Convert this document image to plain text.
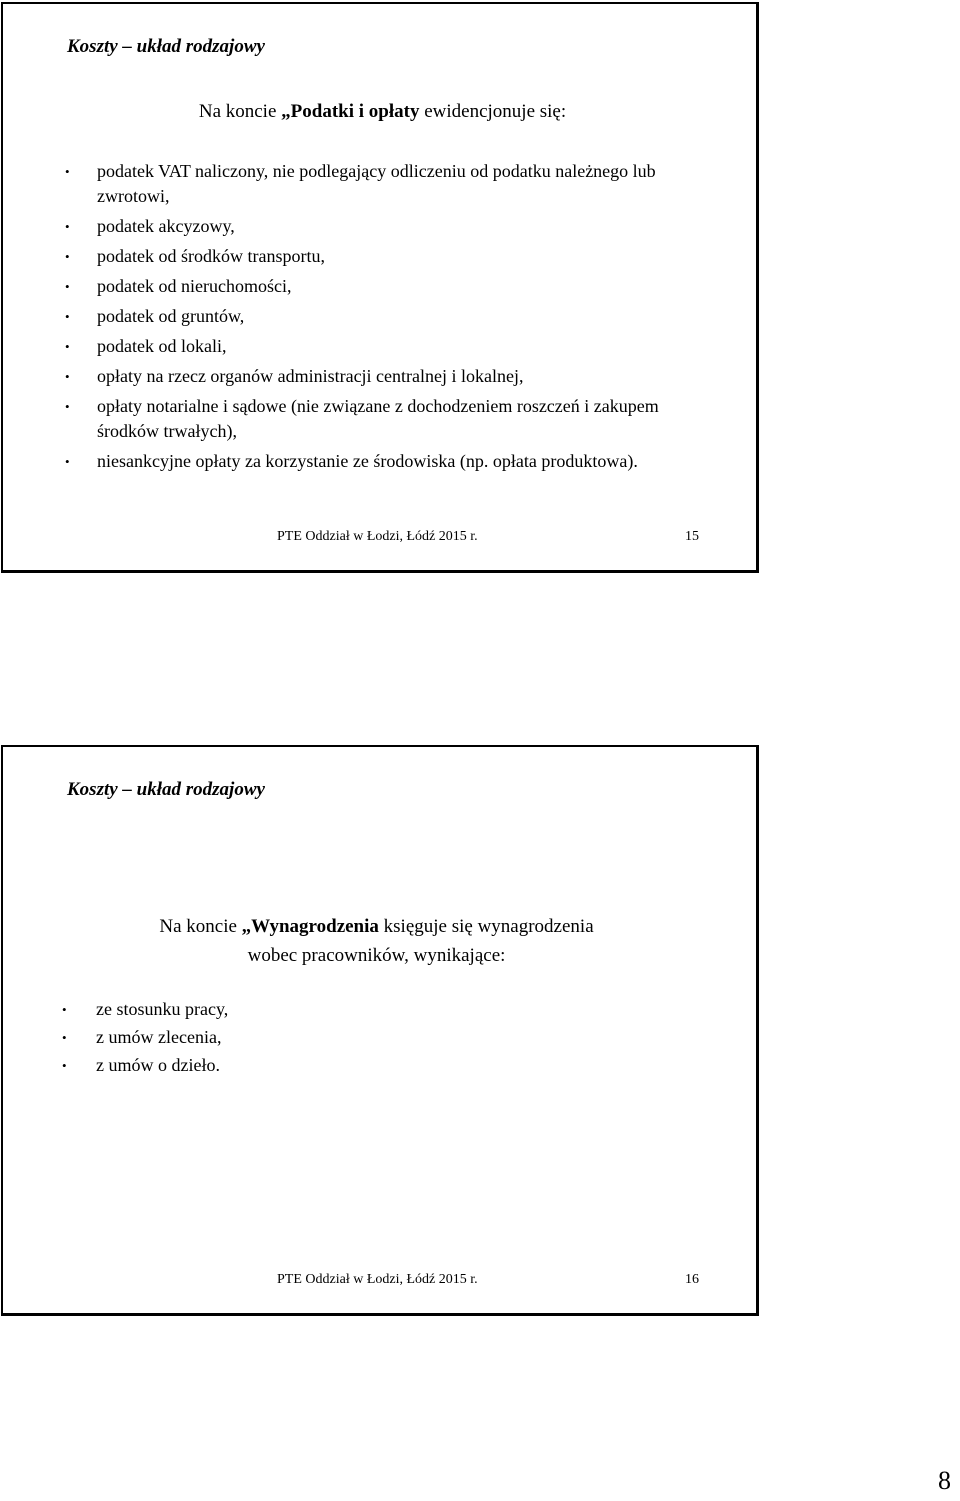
Koszty – układ rodzajowy
Na koncie „Podatki i opłaty ewidencjonuje się:
• podatek VAT naliczony, nie podlegający odliczeniu od podatku należnego lub zwrotowi,
• podatek akcyzowy,
• podatek od środków transportu,
• podatek od nieruchomości,
• podatek od gruntów,
• podatek od lokali,
• opłaty na rzecz organów administracji centralnej i lokalnej,
• opłaty notarialne i sądowe (nie związane z dochodzeniem roszczeń i zakupem środków trwałych),
• niesankcyjne opłaty za korzystanie ze środowiska (np. opłata produktowa).
PTE Oddział w Łodzi, Łódź 2015 r.	15
Koszty – układ rodzajowy
Na koncie „Wynagrodzenia księguje się wynagrodzenia
wobec pracowników, wynikające:
• ze stosunku pracy,
• z umów zlecenia,
• z umów o dzieło.
PTE Oddział w Łodzi, Łódź 2015 r.	16
8
